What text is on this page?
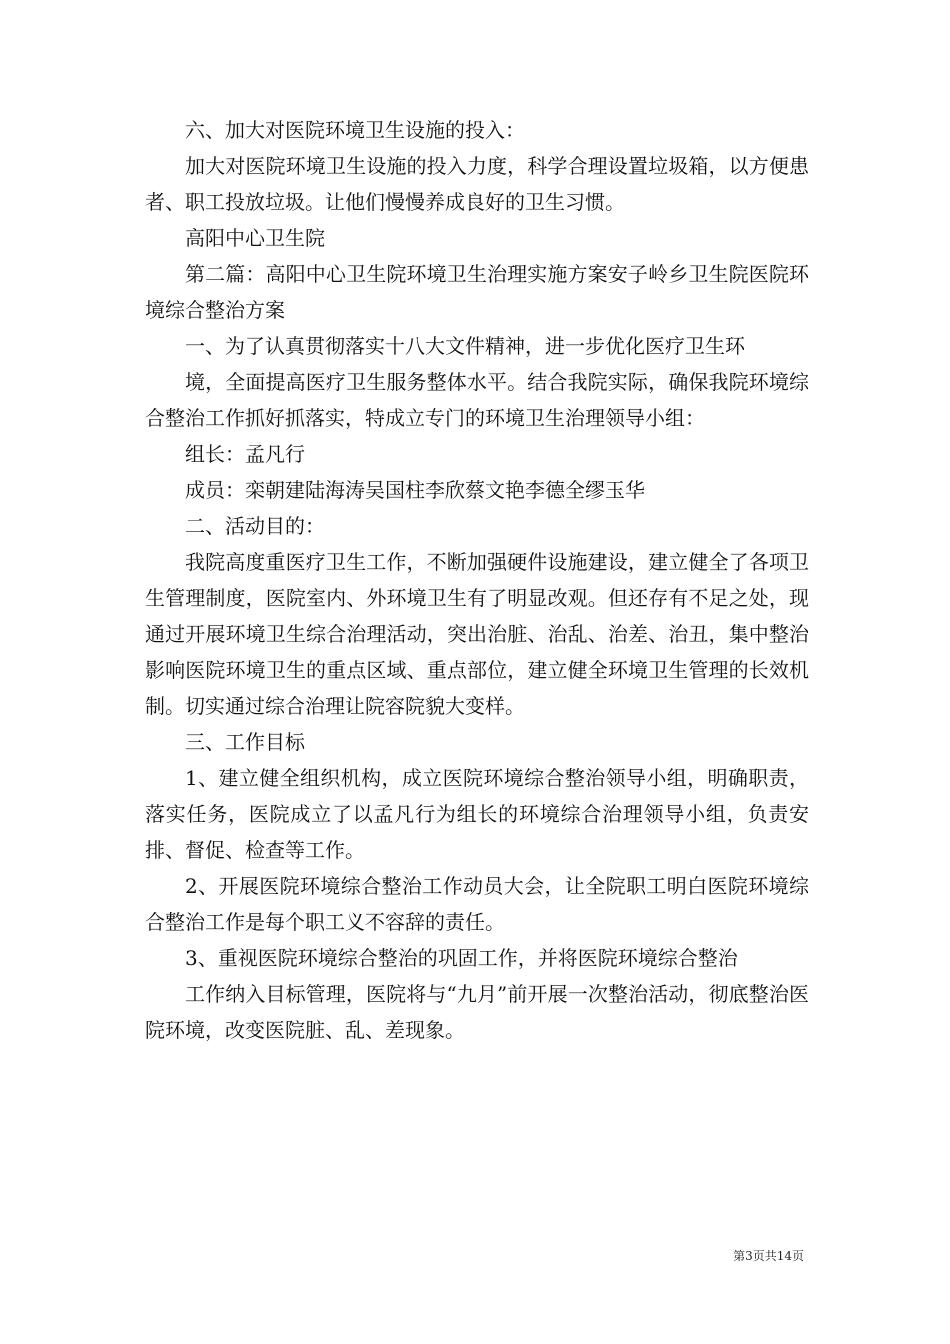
六、加大对医院环境卫生设施的投入：

加大对医院环境卫生设施的投入力度，科学合理设置垃圾箱，以方便患者、职工投放垃圾。让他们慢慢养成良好的卫生习惯。

高阳中心卫生院

第二篇：高阳中心卫生院环境卫生治理实施方案安子岭乡卫生院医院环境综合整治方案

一、为了认真贯彻落实十八大文件精神，进一步优化医疗卫生环

境，全面提高医疗卫生服务整体水平。结合我院实际，确保我院环境综合整治工作抓好抓落实，特成立专门的环境卫生治理领导小组：

组长：孟凡行

成员：栾朝建陆海涛吴国柱李欣蔡文艳李德全缪玉华

二、活动目的：

我院高度重医疗卫生工作，不断加强硬件设施建设，建立健全了各项卫生管理制度，医院室内、外环境卫生有了明显改观。但还存有不足之处，现通过开展环境卫生综合治理活动，突出治脏、治乱、治差、治丑，集中整治影响医院环境卫生的重点区域、重点部位，建立健全环境卫生管理的长效机制。切实通过综合治理让院容院貌大变样。

三、工作目标

1、建立健全组织机构，成立医院环境综合整治领导小组，明确职责，落实任务，医院成立了以孟凡行为组长的环境综合治理领导小组，负责安排、督促、检查等工作。

2、开展医院环境综合整治工作动员大会，让全院职工明白医院环境综合整治工作是每个职工义不容辞的责任。

3、重视医院环境综合整治的巩固工作，并将医院环境综合整治

工作纳入目标管理，医院将与“九月”前开展一次整治活动，彻底整治医院环境，改变医院脏、乱、差现象。

第3页共14页
